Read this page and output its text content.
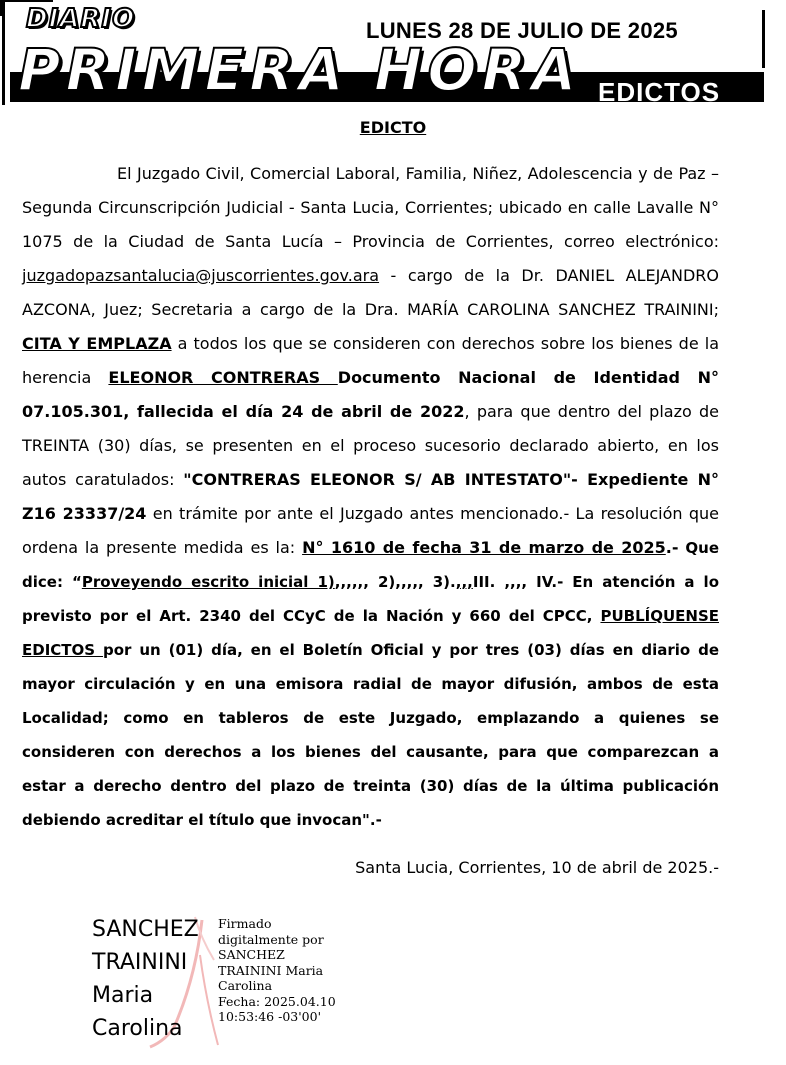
DIARIO
PRIMERA HORA
LUNES 28 DE JULIO DE 2025
EDICTOS
EDICTO
El Juzgado Civil, Comercial Laboral, Familia, Niñez, Adolescencia y de Paz – Segunda Circunscripción Judicial - Santa Lucia, Corrientes; ubicado en calle Lavalle N° 1075 de la Ciudad de Santa Lucía – Provincia de Corrientes, correo electrónico: juzgadopazsantalucia@juscorrientes.gov.ara - cargo de la Dr. DANIEL ALEJANDRO AZCONA, Juez; Secretaria a cargo de la Dra. MARÍA CAROLINA SANCHEZ TRAININI; CITA Y EMPLAZA a todos los que se consideren con derechos sobre los bienes de la herencia ELEONOR CONTRERAS Documento Nacional de Identidad N° 07.105.301, fallecida el día 24 de abril de 2022, para que dentro del plazo de TREINTA (30) días, se presenten en el proceso sucesorio declarado abierto, en los autos caratulados: "CONTRERAS ELEONOR S/ AB INTESTATO"- Expediente N° Z16 23337/24 en trámite por ante el Juzgado antes mencionado.- La resolución que ordena la presente medida es la: N° 1610 de fecha 31 de marzo de 2025.- Que dice: “Proveyendo escrito inicial 1),,,,,, 2),,,,, 3).,,,III. ,,,, IV.- En atención a lo previsto por el Art. 2340 del CCyC de la Nación y 660 del CPCC, PUBLÍQUENSE EDICTOS por un (01) día, en el Boletín Oficial y por tres (03) días en diario de mayor circulación y en una emisora radial de mayor difusión, ambos de esta Localidad; como en tableros de este Juzgado, emplazando a quienes se consideren con derechos a los bienes del causante, para que comparezcan a estar a derecho dentro del plazo de treinta (30) días de la última publicación debiendo acreditar el título que invocan".-
Santa Lucia, Corrientes, 10 de abril de 2025.-
SANCHEZ
TRAININI
Maria
Carolina
Firmado
digitalmente por
SANCHEZ
TRAININI Maria
Carolina
Fecha: 2025.04.10
10:53:46 -03'00'
